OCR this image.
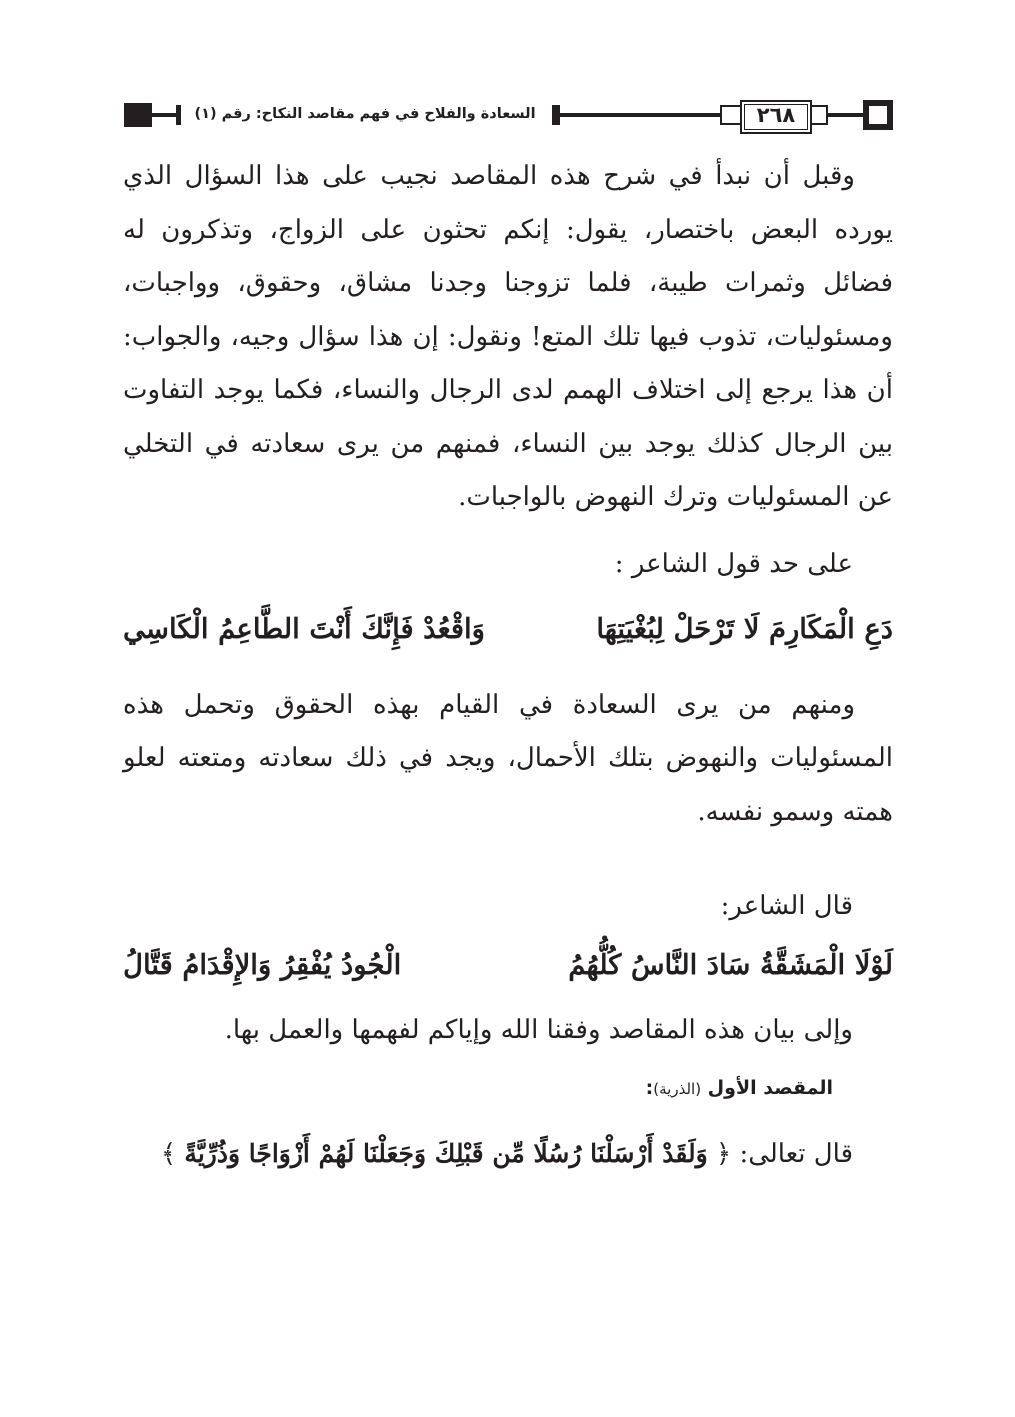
٢٦٨
السعادة والفلاح في فهم مقاصد النكاح: رقم (١)

وقبل أن نبدأ في شرح هذه المقاصد نجيب على هذا السؤال الذي يورده البعض باختصار، يقول: إنكم تحثون على الزواج، وتذكرون له فضائل وثمرات طيبة، فلما تزوجنا وجدنا مشاق، وحقوق، وواجبات، ومسئوليات، تذوب فيها تلك المتع! ونقول: إن هذا سؤال وجيه، والجواب: أن هذا يرجع إلى اختلاف الهمم لدى الرجال والنساء، فكما يوجد التفاوت بين الرجال كذلك يوجد بين النساء، فمنهم من يرى سعادته في التخلي عن المسئوليات وترك النهوض بالواجبات.

على حد قول الشاعر :

دَعِ الْمَكَارِمَ لَا تَرْحَلْ لِبُغْيَتِهَا
وَاقْعُدْ فَإِنَّكَ أَنْتَ الطَّاعِمُ الْكَاسِي

ومنهم من يرى السعادة في القيام بهذه الحقوق وتحمل هذه المسئوليات والنهوض بتلك الأحمال، ويجد في ذلك سعادته ومتعته لعلو همته وسمو نفسه.

قال الشاعر:

لَوْلَا الْمَشَقَّةُ سَادَ النَّاسُ كُلُّهُمُ
الْجُودُ يُفْقِرُ وَالإِقْدَامُ قَتَّالُ

وإلى بيان هذه المقاصد وفقنا الله وإياكم لفهمها والعمل بها.

المقصد الأول (الذرية):
قال تعالى: ﴿ وَلَقَدْ أَرْسَلْنَا رُسُلًا مِّن قَبْلِكَ وَجَعَلْنَا لَهُمْ أَزْوَاجًا وَذُرِّيَّةً ﴾
